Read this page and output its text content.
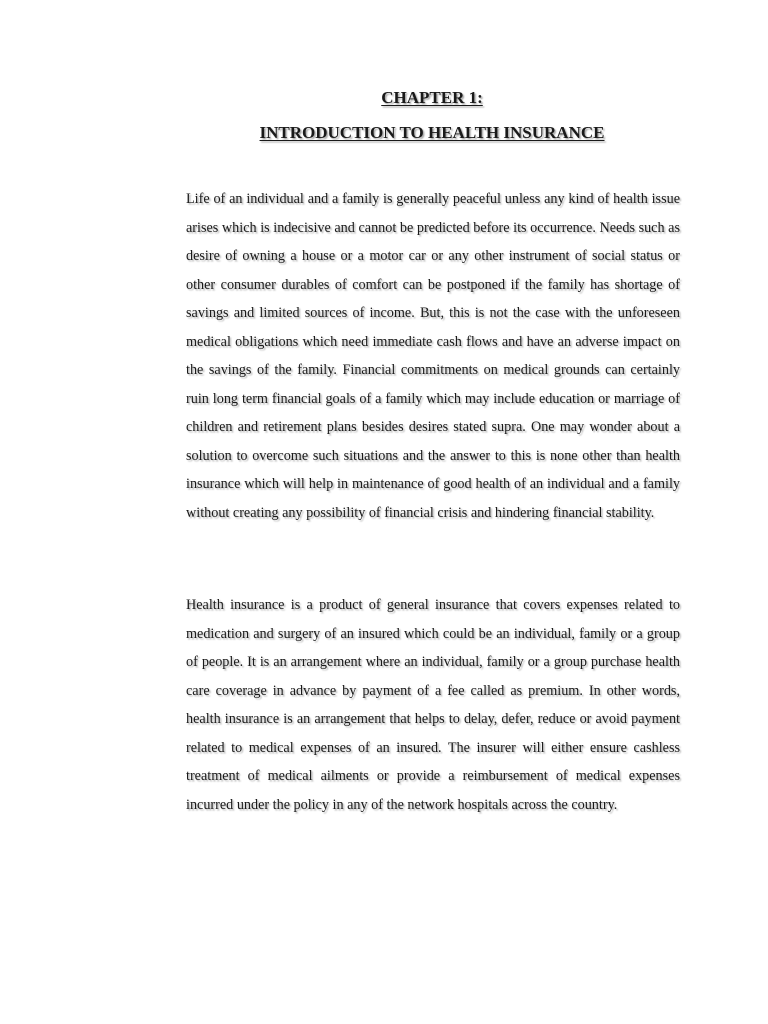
CHAPTER 1:
INTRODUCTION TO HEALTH INSURANCE

Life of an individual and a family is generally peaceful unless any kind of health issue arises which is indecisive and cannot be predicted before its occurrence. Needs such as desire of owning a house or a motor car or any other instrument of social status or other consumer durables of comfort can be postponed if the family has shortage of savings and limited sources of income. But, this is not the case with the unforeseen medical obligations which need immediate cash flows and have an adverse impact on the savings of the family. Financial commitments on medical grounds can certainly ruin long term financial goals of a family which may include education or marriage of children and retirement plans besides desires stated supra. One may wonder about a solution to overcome such situations and the answer to this is none other than health insurance which will help in maintenance of good health of an individual and a family without creating any possibility of financial crisis and hindering financial stability.

Health insurance is a product of general insurance that covers expenses related to medication and surgery of an insured which could be an individual, family or a group of people. It is an arrangement where an individual, family or a group purchase health care coverage in advance by payment of a fee called as premium. In other words, health insurance is an arrangement that helps to delay, defer, reduce or avoid payment related to medical expenses of an insured. The insurer will either ensure cashless treatment of medical ailments or provide a reimbursement of medical expenses incurred under the policy in any of the network hospitals across the country.
